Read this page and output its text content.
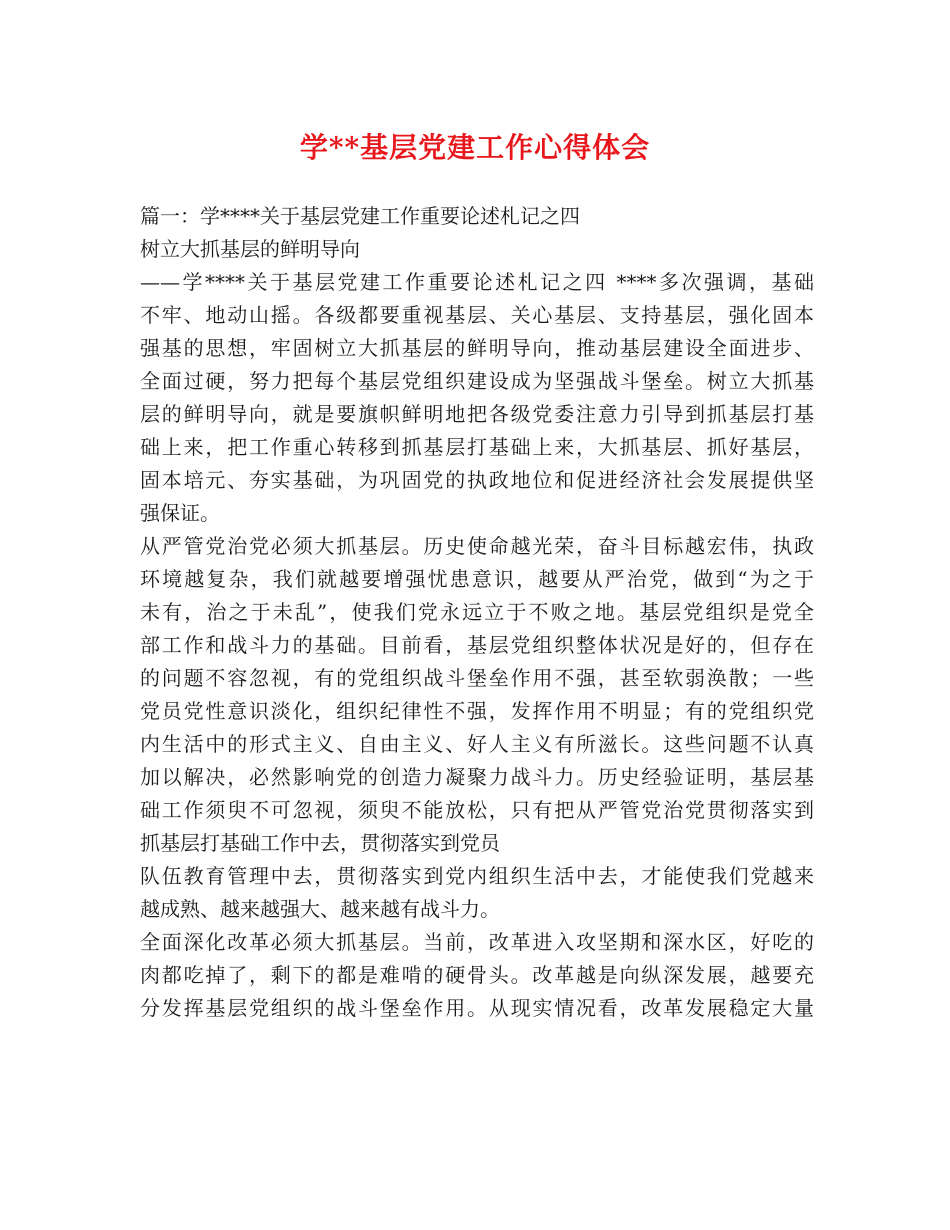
学**基层党建工作心得体会
篇一：学****关于基层党建工作重要论述札记之四
树立大抓基层的鲜明导向
——学****关于基层党建工作重要论述札记之四 ****多次强调，基础
不牢、地动山摇。各级都要重视基层、关心基层、支持基层，强化固本
强基的思想，牢固树立大抓基层的鲜明导向，推动基层建设全面进步、
全面过硬，努力把每个基层党组织建设成为坚强战斗堡垒。树立大抓基
层的鲜明导向，就是要旗帜鲜明地把各级党委注意力引导到抓基层打基
础上来，把工作重心转移到抓基层打基础上来，大抓基层、抓好基层，
固本培元、夯实基础，为巩固党的执政地位和促进经济社会发展提供坚
强保证。
从严管党治党必须大抓基层。历史使命越光荣，奋斗目标越宏伟，执政
环境越复杂，我们就越要增强忧患意识，越要从严治党，做到“为之于
未有，治之于未乱”，使我们党永远立于不败之地。基层党组织是党全
部工作和战斗力的基础。目前看，基层党组织整体状况是好的，但存在
的问题不容忽视，有的党组织战斗堡垒作用不强，甚至软弱涣散；一些
党员党性意识淡化，组织纪律性不强，发挥作用不明显；有的党组织党
内生活中的形式主义、自由主义、好人主义有所滋长。这些问题不认真
加以解决，必然影响党的创造力凝聚力战斗力。历史经验证明，基层基
础工作须臾不可忽视，须臾不能放松，只有把从严管党治党贯彻落实到
抓基层打基础工作中去，贯彻落实到党员
队伍教育管理中去，贯彻落实到党内组织生活中去，才能使我们党越来
越成熟、越来越强大、越来越有战斗力。
全面深化改革必须大抓基层。当前，改革进入攻坚期和深水区，好吃的
肉都吃掉了，剩下的都是难啃的硬骨头。改革越是向纵深发展，越要充
分发挥基层党组织的战斗堡垒作用。从现实情况看，改革发展稳定大量
